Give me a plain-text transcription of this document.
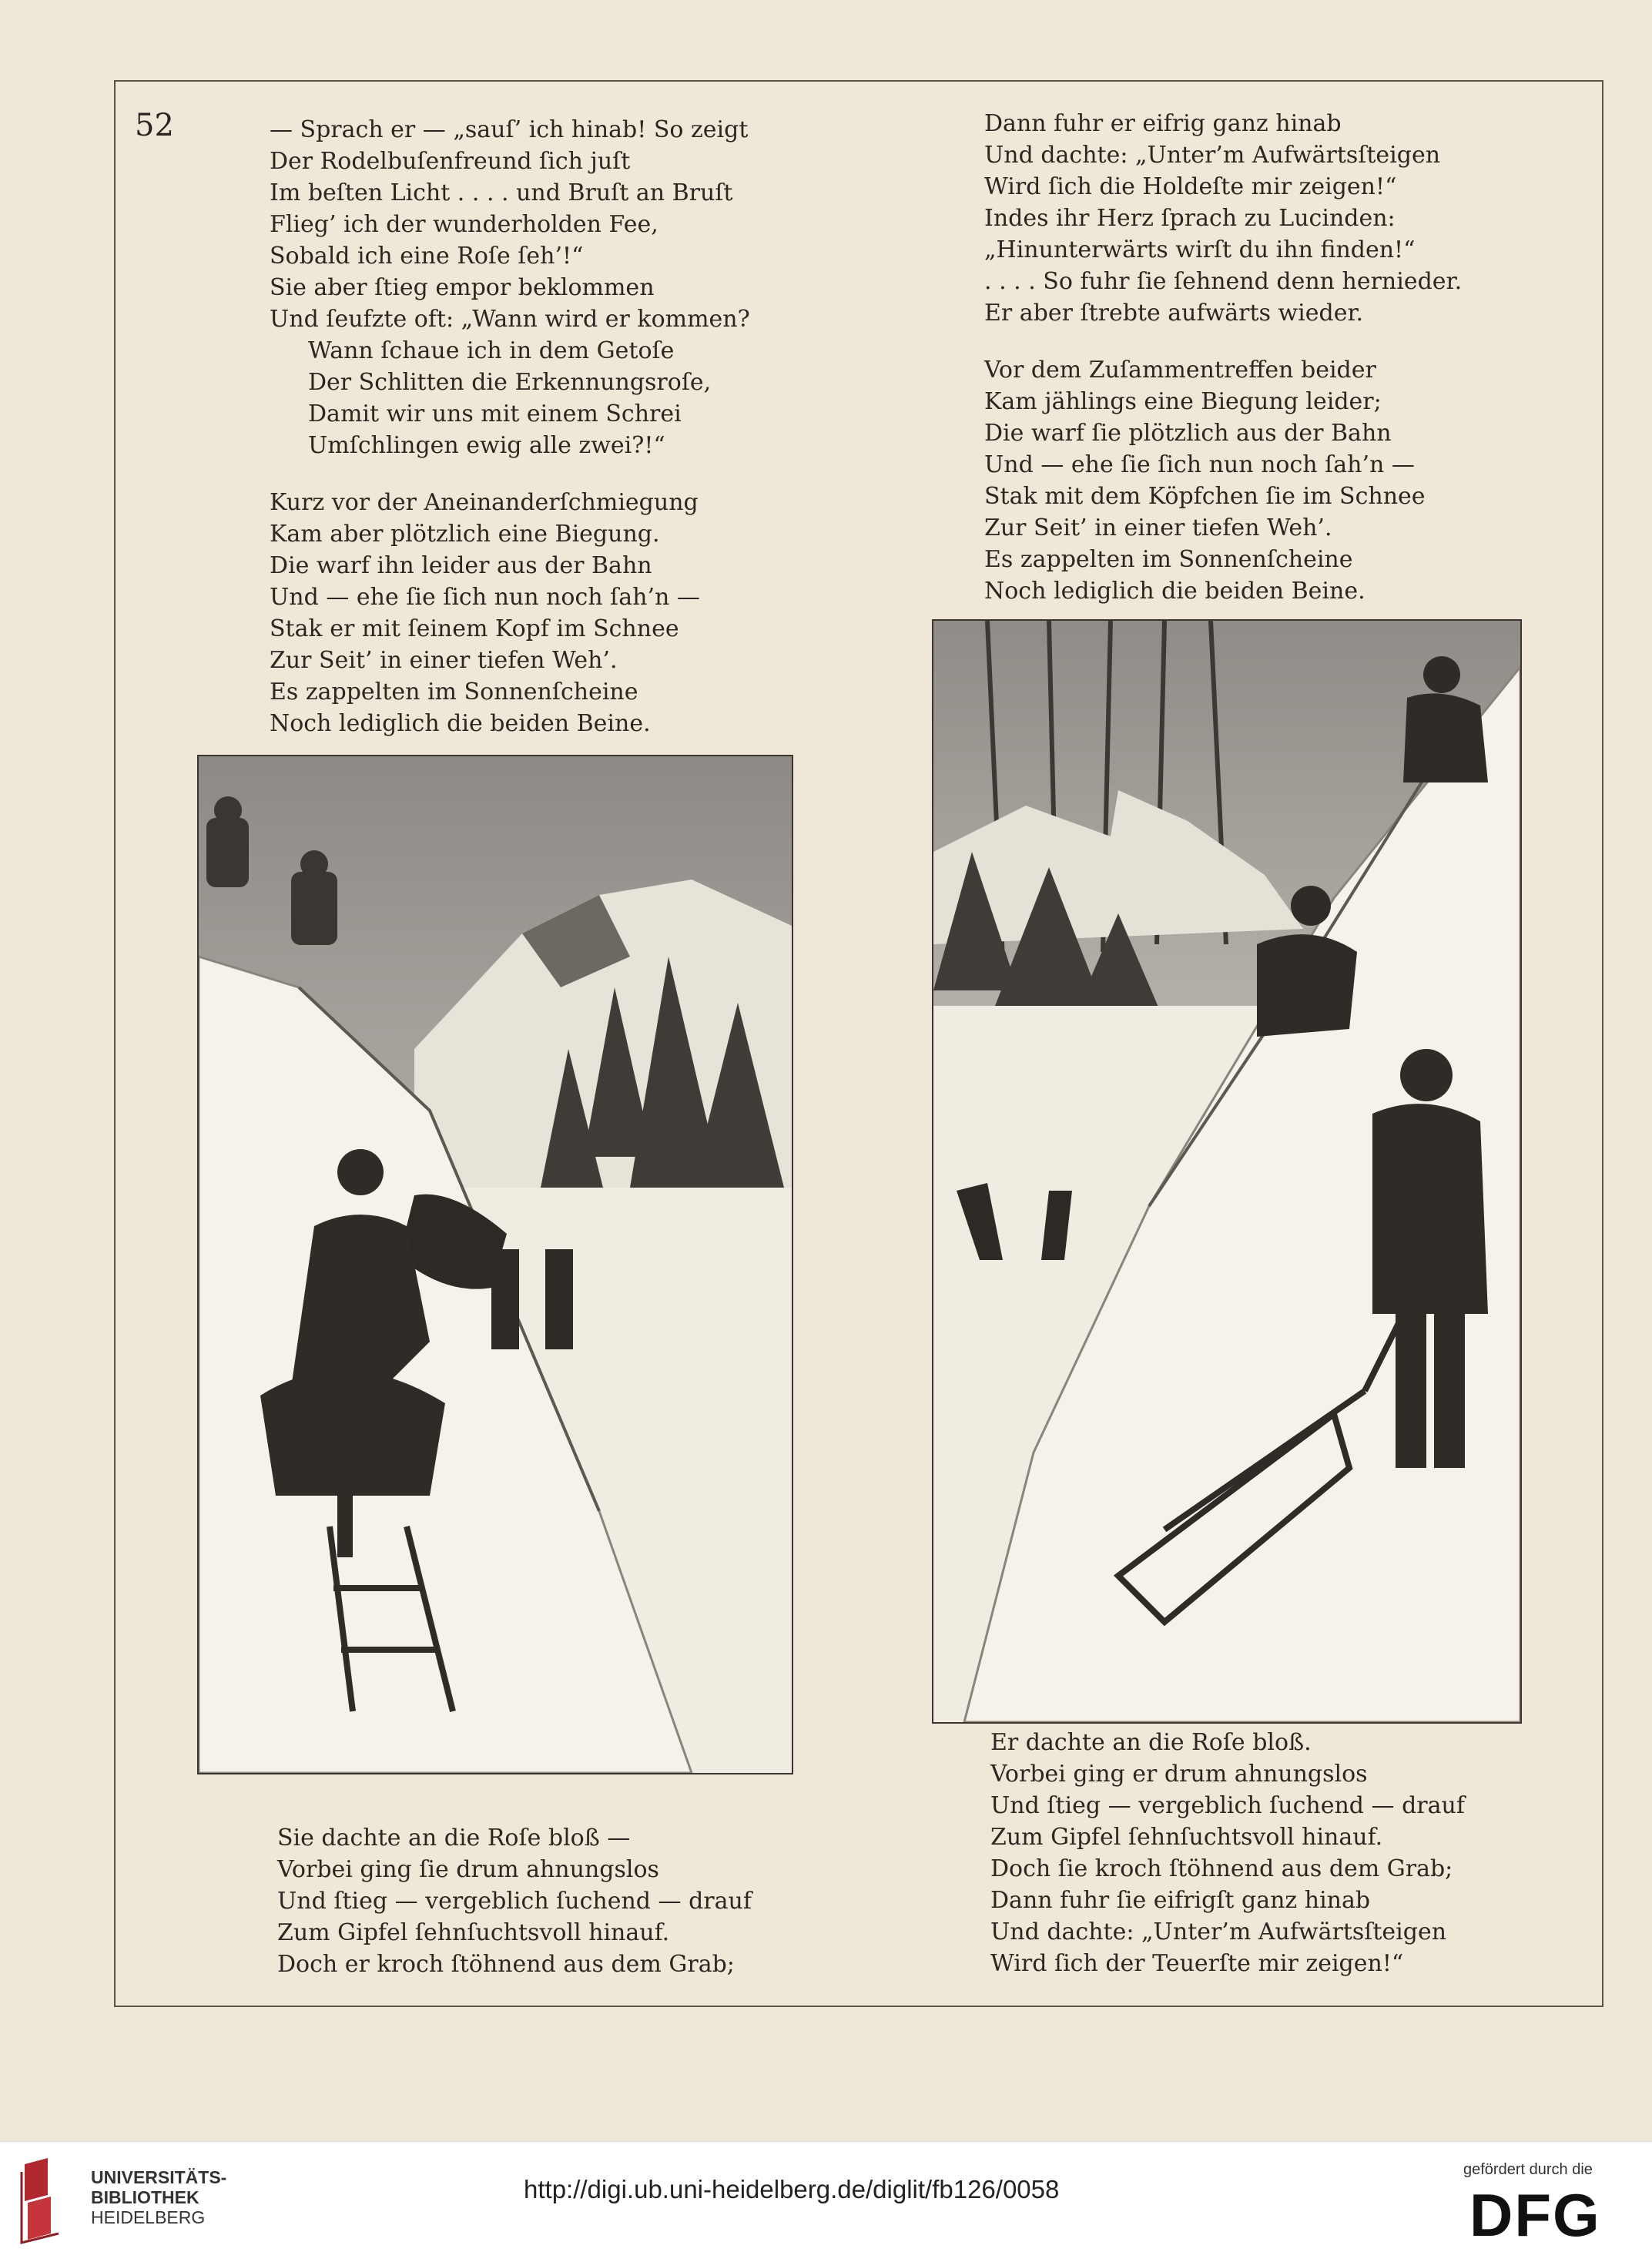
52	— Sprach er — „sauſ’ ich hinab! So zeigt
Der Rodelbuſenfreund ſich juſt
Im beſten Licht . . . . und Bruſt an Bruſt
Flieg’ ich der wunderholden Fee,
Sobald ich eine Roſe ſeh’!“
Sie aber ſtieg empor beklommen
Und ſeufzte oft: „Wann wird er kommen?
Wann ſchaue ich in dem Getoſe
Der Schlitten die Erkennungsroſe,
Damit wir uns mit einem Schrei
Umſchlingen ewig alle zwei?!“
Kurz vor der Aneinanderſchmiegung
Kam aber plötzlich eine Biegung.
Die warf ihn leider aus der Bahn
Und — ehe ſie ſich nun noch ſah’n —
Stak er mit ſeinem Kopf im Schnee
Zur Seit’ in einer tiefen Weh’.
Es zappelten im Sonnenſcheine
Noch lediglich die beiden Beine.
Dann fuhr er eifrig ganz hinab
Und dachte: „Unter’m Aufwärtsſteigen
Wird ſich die Holdeſte mir zeigen!“
Indes ihr Herz ſprach zu Lucinden:
„Hinunterwärts wirſt du ihn finden!“
. . . . So fuhr ſie ſehnend denn hernieder.
Er aber ſtrebte aufwärts wieder.
Vor dem Zuſammentreffen beider
Kam jählings eine Biegung leider;
Die warf ſie plötzlich aus der Bahn
Und — ehe ſie ſich nun noch ſah’n —
Stak mit dem Köpfchen ſie im Schnee
Zur Seit’ in einer tiefen Weh’.
Es zappelten im Sonnenſcheine
Noch lediglich die beiden Beine.
Sie dachte an die Roſe bloß —
Vorbei ging ſie drum ahnungslos
Und ſtieg — vergeblich ſuchend — drauf
Zum Gipfel ſehnſuchtsvoll hinauf.
Doch er kroch ſtöhnend aus dem Grab;
Er dachte an die Roſe bloß.
Vorbei ging er drum ahnungslos
Und ſtieg — vergeblich ſuchend — drauf
Zum Gipfel ſehnſuchtsvoll hinauf.
Doch ſie kroch ſtöhnend aus dem Grab;
Dann fuhr ſie eifrigſt ganz hinab
Und dachte: „Unter’m Aufwärtsſteigen
Wird ſich der Teuerſte mir zeigen!“
UNIVERSITÄTS-
BIBLIOTHEK
HEIDELBERG
http://digi.ub.uni-heidelberg.de/diglit/fb126/0058
gefördert durch die
DFG
